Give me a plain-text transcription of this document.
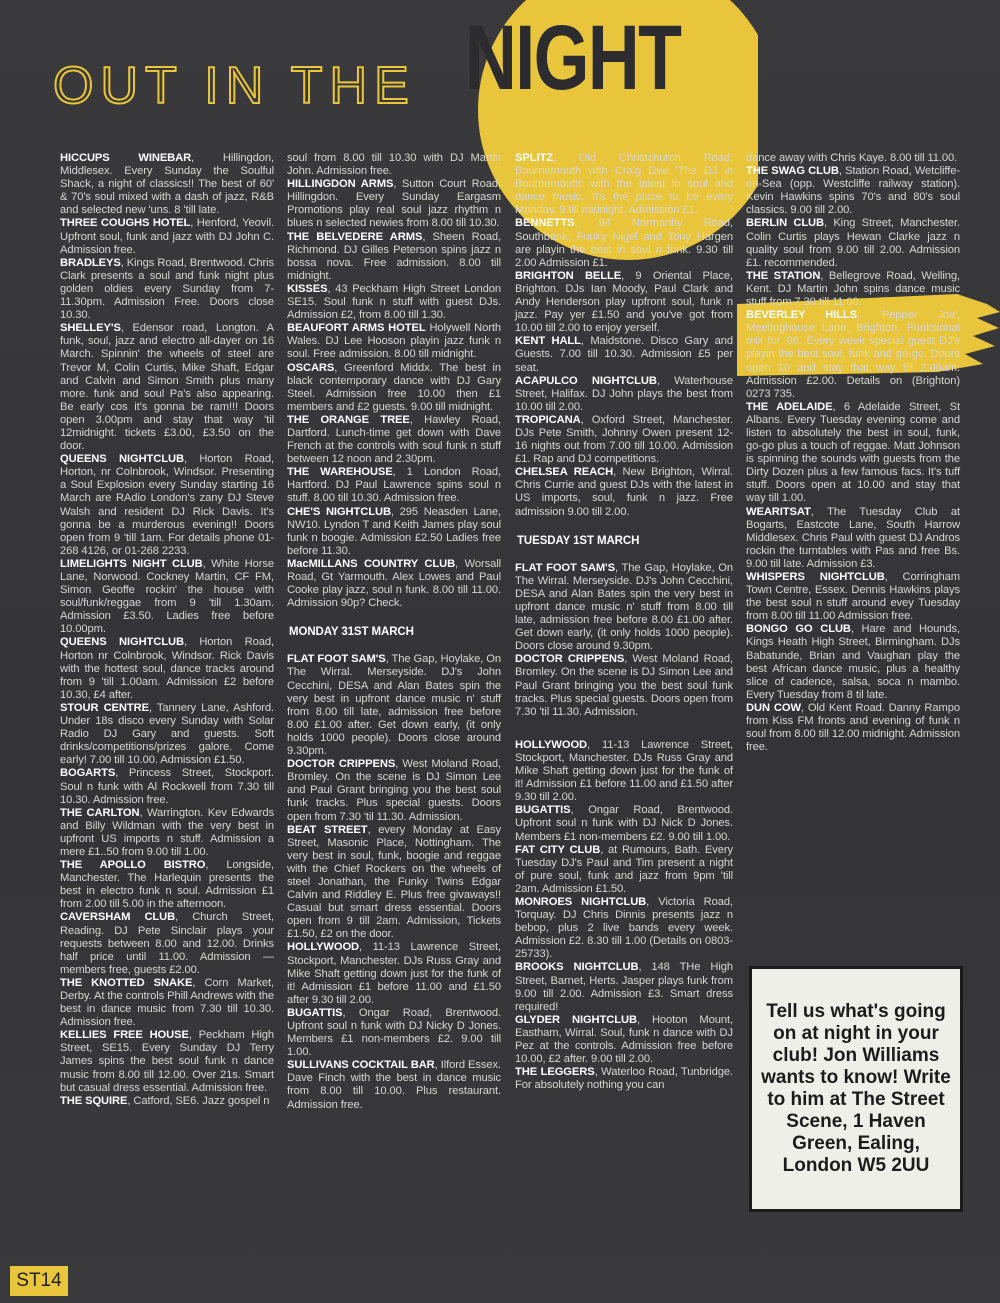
OUT IN THE NIGHT

HICCUPS WINEBAR, Hillingdon, Middlesex. Every Sunday the Soulful Shack, a night of classics!! The best of 60' & 70's soul mixed with a dash of jazz, R&B and selected new 'uns. 8 'till late.

THREE COUGHS HOTEL, Henford, Yeovil. Upfront soul, funk and jazz with DJ John C. Admission free.

BRADLEYS, Kings Road, Brentwood. Chris Clark presents a soul and funk night plus golden oldies every Sunday from 7-11.30pm. Admission Free. Doors close 10.30.

SHELLEY'S, Edensor road, Longton. A funk, soul, jazz and electro all-dayer on 16 March. Spinnin' the wheels of steel are Trevor M, Colin Curtis, Mike Shaft, Edgar and Calvin and Simon Smith plus many more. funk and soul Pa's also appearing. Be early cos it's gonna be ram!!! Doors open 3.00pm and stay that way 'til 12midnight. tickets £3.00, £3.50 on the door.

QUEENS NIGHTCLUB, Horton Road, Horton, nr Colnbrook, Windsor. Presenting a Soul Explosion every Sunday starting 16 March are RAdio London's zany DJ Steve Walsh and resident DJ Rick Davis. It's gonna be a murderous evening!! Doors open from 9 'till 1am. For details phone 01-268 4126, or 01-268 2233.

LIMELIGHTS NIGHT CLUB, White Horse Lane, Norwood. Cockney Martin, CF FM, Simon Geoffe rockin' the house with soul/funk/reggae from 9 'till 1.30am. Admission £3.50. Ladies free before 10.00pm.

QUEENS NIGHTCLUB, Horton Road, Horton nr Colnbrook, Windsor. Rick Davis with the hottest soul, dance tracks around from 9 'till 1.00am. Admission £2 before 10.30, £4 after.

STOUR CENTRE, Tannery Lane, Ashford. Under 18s disco every Sunday with Solar Radio DJ Gary and guests. Soft drinks/competitions/prizes galore. Come early! 7.00 till 10.00. Admission £1.50.

BOGARTS, Princess Street, Stockport. Soul n funk with Al Rockwell from 7.30 till 10.30. Admission free.

THE CARLTON, Warrington. Kev Edwards and Billy Wildman with the very best in upfront US imports n stuff. Admission a mere £1..50 from 9.00 till 1.00.

THE APOLLO BISTRO, Longside, Manchester. The Harlequin presents the best in electro funk n soul. Admission £1 from 2.00 till 5.00 in the afternoon.

CAVERSHAM CLUB, Church Street, Reading. DJ Pete Sinclair plays your requests between 8.00 and 12.00. Drinks half price until 11.00. Admission — members free, guests £2.00.

THE KNOTTED SNAKE, Corn Market, Derby. At the controls Phill Andrews with the best in dance music from 7.30 till 10.30. Admission free.

KELLIES FREE HOUSE, Peckham High Street, SE15. Every Sunday DJ Terry James spins the best soul funk n dance music from 8.00 till 12.00. Over 21s. Smart but casual dress essential. Admission free.

THE SQUIRE, Catford, SE6. Jazz gospel n

soul from 8.00 till 10.30 with DJ Martin John. Admission free.

HILLINGDON ARMS, Sutton Court Road, Hillingdon. Every Sunday Eargasm Promotions play real soul jazz rhythm n blues n selected newies from 8.00 till 10.30.

THE BELVEDERE ARMS, Sheen Road, Richmond. DJ Gilles Peterson spins jazz n bossa nova. Free admission. 8.00 till midnight.

KISSES, 43 Peckham High Street London SE15. Soul funk n stuff with guest DJs. Admission £2, from 8.00 till 1.30.

BEAUFORT ARMS HOTEL Holywell North Wales. DJ Lee Hooson playin jazz funk n soul. Free admission. 8.00 till midnight.

OSCARS, Greenford Middx. The best in black contemporary dance with DJ Gary Steel. Admission free 10.00 then £1 members and £2 guests. 9.00 till midnight.

THE ORANGE TREE, Hawley Road, Dartford. Lunch-time get down with Dave French at the controls with soul funk n stuff between 12 noon and 2.30pm.

THE WAREHOUSE, 1 London Road, Hartford. DJ Paul Lawrence spins soul n stuff. 8.00 till 10.30. Admission free.

CHE'S NIGHTCLUB, 295 Neasden Lane, NW10. Lyndon T and Keith James play soul funk n boogie. Admission £2.50 Ladies free before 11.30.

MacMILLANS COUNTRY CLUB, Worsall Road, Gt Yarmouth. Alex Lowes and Paul Cooke play jazz, soul n funk. 8.00 till 11.00. Admission 90p? Check.

MONDAY 31ST MARCH

FLAT FOOT SAM'S, The Gap, Hoylake, On The Wirral. Merseyside. DJ's John Cecchini, DESA and Alan Bates spin the very best in upfront dance music n' stuff from 8.00 till late, admission free before 8.00 £1.00 after. Get down early, (it only holds 1000 people). Doors close around 9.30pm.

DOCTOR CRIPPENS, West Moland Road, Bromley. On the scene is DJ Simon Lee and Paul Grant bringing you the best soul funk tracks. Plus special guests. Doors open from 7.30 'til 11.30. Admission.

BEAT STREET, every Monday at Easy Street, Masonic Place, Nottingham. The very best in soul, funk, boogie and reggae with the Chief Rockers on the wheels of steel Jonathan, the Funky Twins Edgar Calvin and Riddley E. Plus free givaways!! Casual but smart dress essential. Doors open from 9 till 2am. Admission, Tickets £1.50, £2 on the door.

HOLLYWOOD, 11-13 Lawrence Street, Stockport, Manchester. DJs Russ Gray and Mike Shaft getting down just for the funk of it! Admission £1 before 11.00 and £1.50 after 9.30 till 2.00.

BUGATTIS, Ongar Road, Brentwood. Upfront soul n funk with DJ Nicky D Jones. Members £1 non-members £2. 9.00 till 1.00.

SULLIVANS COCKTAIL BAR, Ilford Essex. Dave Finch with the best in dance music from 8.00 till 10.00. Plus restaurant. Admission free.

SPLITZ, Old Christchurch Road, Bournemouth with Craig Dee 'The DJ in Bournemouth' with the latest in soul and dance music. It's the place to be every Monday. 9 till midnight. Admission £1.

BENNETTS, 94 Normanby Road, Southbank, Funky Nigel and Tony Hargen are playin the best in soul n funk. 9.30 till 2.00 Admission £1.

BRIGHTON BELLE, 9 Oriental Place, Brighton. DJs Ian Moody, Paul Clark and Andy Henderson play upfront soul, funk n jazz. Pay yer £1.50 and you've got from 10.00 till 2.00 to enjoy yerself.

KENT HALL, Maidstone. Disco Gary and Guests. 7.00 till 10.30. Admission £5 per seat.

ACAPULCO NIGHTCLUB, Waterhouse Street, Halifax. DJ John plays the best from 10.00 till 2.00.

TROPICANA, Oxford Street, Manchester. DJs Pete Smith, Johnny Owen present 12-16 nights out from 7.00 till 10.00. Admission £1. Rap and DJ competitions.

CHELSEA REACH, New Brighton, Wirral. Chris Currie and guest DJs with the latest in US imports, soul, funk n jazz. Free admission 9.00 till 2.00.

TUESDAY 1ST MARCH

FLAT FOOT SAM'S, The Gap, Hoylake, On The Wirral. Merseyside. DJ's John Cecchini, DESA and Alan Bates spin the very best in upfront dance music n' stuff from 8.00 till late, admission free before 8.00 £1.00 after. Get down early, (it only holds 1000 people). Doors close around 9.30pm.

DOCTOR CRIPPENS, West Moland Road, Bromley. On the scene is DJ Simon Lee and Paul Grant bringing you the best soul funk tracks. Plus special guests. Doors open from 7.30 'til 11.30. Admission.

HOLLYWOOD, 11-13 Lawrence Street, Stockport, Manchester. DJs Russ Gray and Mike Shaft getting down just for the funk of it! Admission £1 before 11.00 and £1.50 after 9.30 till 2.00.

BUGATTIS, Ongar Road, Brentwood. Upfront soul n funk with DJ Nick D Jones. Members £1 non-members £2. 9.00 till 1.00.

FAT CITY CLUB, at Rumours, Bath. Every Tuesday DJ's Paul and Tim present a night of pure soul, funk and jazz from 9pm 'till 2am. Admission £1.50.

MONROES NIGHTCLUB, Victoria Road, Torquay. DJ Chris Dinnis presents jazz n bebop, plus 2 live bands every week. Admission £2. 8.30 till 1.00 (Details on 0803-25733).

BROOKS NIGHTCLUB, 148 THe High Street, Barnet, Herts. Jasper plays funk from 9.00 till 2.00. Admission £3. Smart dress required!

GLYDER NIGHTCLUB, Hooton Mount, Eastham, Wirral. Soul, funk n dance with DJ Pez at the controls. Admission free before 10.00, £2 after. 9.00 till 2.00.

THE LEGGERS, Waterloo Road, Tunbridge. For absolutely nothing you can

dance away with Chris Kaye. 8.00 till 11.00.

THE SWAG CLUB, Station Road, Wetcliffe-on-Sea (opp. Westcliffe railway station). Kevin Hawkins spins 70's and 80's soul classics. 9.00 till 2.00.

BERLIN CLUB, King Street, Manchester. Colin Curtis plays Hewan Clarke jazz n quality soul from 9.00 till 2.00. Admission £1. recommended.

THE STATION, Bellegrove Road, Welling, Kent. DJ Martin John spins dance music stuff from 7.30 till 11.00.

BEVERLEY HILLS, 'Pepper Joe', Meetinghouse Lane, Brighton. Funksional mix for '86. Every week special guest DJ's playin the best soul, funk and go-go. Doors open 10 and stay that way till 2.00am. Admission £2.00. Details on (Brighton) 0273 735.

THE ADELAIDE, 6 Adelaide Street, St Albans. Every Tuesday evening come and listen to absolutely the best in soul, funk, go-go plus a touch of reggae. Matt Johnson is spinning the sounds with guests from the Dirty Dozen plus a few famous facs. It's tuff stuff. Doors open at 10.00 and stay that way till 1.00.

WEARITSAT, The Tuesday Club at Bogarts, Eastcote Lane, South Harrow Middlesex. Chris Paul with guest DJ Andros rockin the turntables with Pas and free Bs. 9.00 till late. Admission £3.

WHISPERS NIGHTCLUB, Corringham Town Centre, Essex. Dennis Hawkins plays the best soul n stuff around evey Tuesday from 8.00 till 11.00 Admission free.

BONGO GO CLUB, Hare and Hounds, Kings Heath High Street, Birmingham. DJs Babatunde, Brian and Vaughan play the best African dance music, plus a healthy slice of cadence, salsa, soca n mambo. Every Tuesday from 8 til late.

DUN COW, Old Kent Road. Danny Rampo from Kiss FM fronts and evening of funk n soul from 8.00 till 12.00 midnight. Admission free.

Tell us what's going on at night in your club! Jon Williams wants to know! Write to him at The Street Scene, 1 Haven Green, Ealing, London W5 2UU
ST14
